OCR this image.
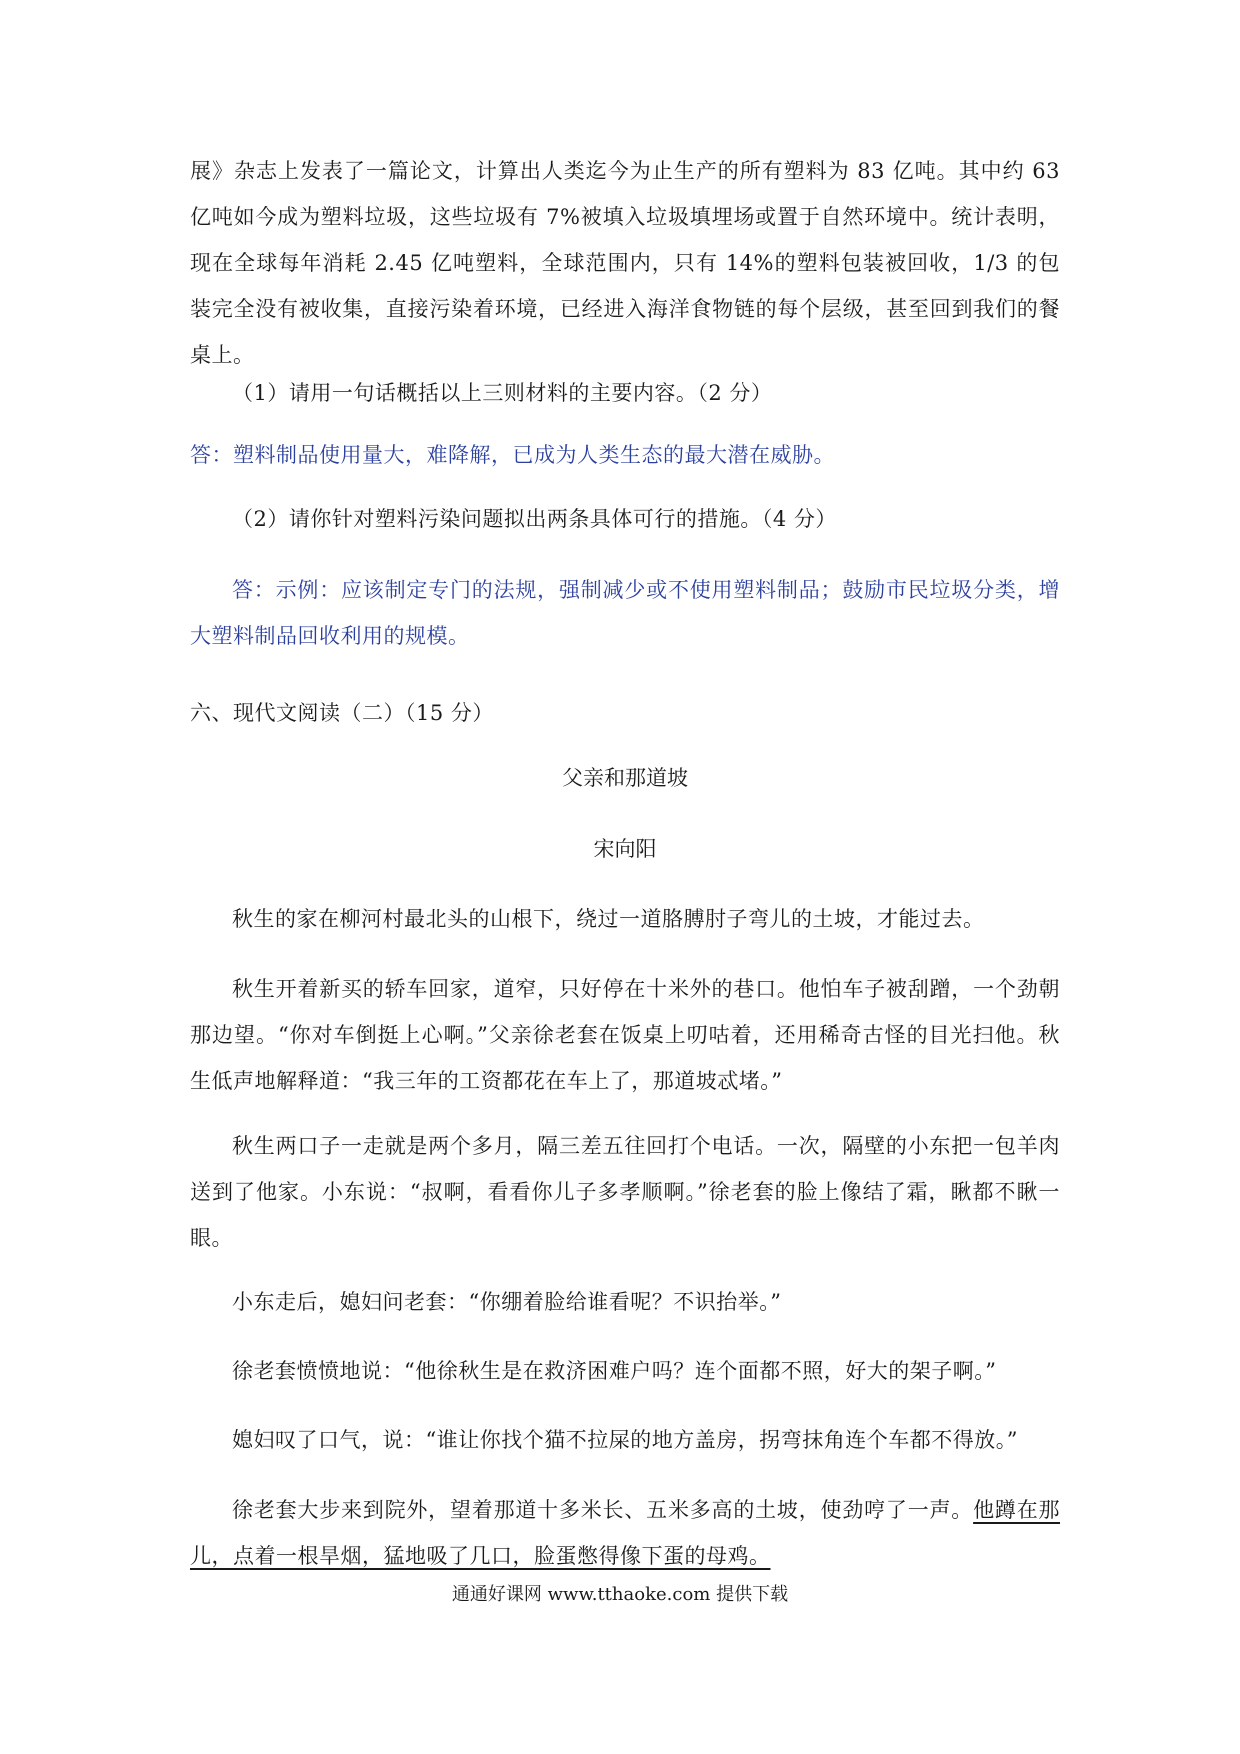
展》杂志上发表了一篇论文，计算出人类迄今为止生产的所有塑料为 83 亿吨。其中约 63 亿吨如今成为塑料垃圾，这些垃圾有 7%被填入垃圾填埋场或置于自然环境中。统计表明，现在全球每年消耗 2.45 亿吨塑料，全球范围内，只有 14%的塑料包装被回收，1/3 的包装完全没有被收集，直接污染着环境，已经进入海洋食物链的每个层级，甚至回到我们的餐桌上。

（1）请用一句话概括以上三则材料的主要内容。（2 分）

答：塑料制品使用量大，难降解，已成为人类生态的最大潜在威胁。

（2）请你针对塑料污染问题拟出两条具体可行的措施。（4 分）

答：示例：应该制定专门的法规，强制减少或不使用塑料制品；鼓励市民垃圾分类，增大塑料制品回收利用的规模。

六、现代文阅读（二）（15 分）

父亲和那道坡

宋向阳

秋生的家在柳河村最北头的山根下，绕过一道胳膊肘子弯儿的土坡，才能过去。

秋生开着新买的轿车回家，道窄，只好停在十米外的巷口。他怕车子被刮蹭，一个劲朝那边望。“你对车倒挺上心啊。”父亲徐老套在饭桌上叨咕着，还用稀奇古怪的目光扫他。秋生低声地解释道：“我三年的工资都花在车上了，那道坡忒堵。”

秋生两口子一走就是两个多月，隔三差五往回打个电话。一次，隔壁的小东把一包羊肉送到了他家。小东说：“叔啊，看看你儿子多孝顺啊。”徐老套的脸上像结了霜，瞅都不瞅一眼。

小东走后，媳妇问老套：“你绷着脸给谁看呢？不识抬举。”

徐老套愤愤地说：“他徐秋生是在救济困难户吗？连个面都不照，好大的架子啊。”

媳妇叹了口气，说：“谁让你找个猫不拉屎的地方盖房，拐弯抹角连个车都不得放。”

徐老套大步来到院外，望着那道十多米长、五米多高的土坡，使劲哼了一声。他蹲在那儿，点着一根旱烟，猛地吸了几口，脸蛋憋得像下蛋的母鸡。

通通好课网 www.tthaoke.com 提供下载
